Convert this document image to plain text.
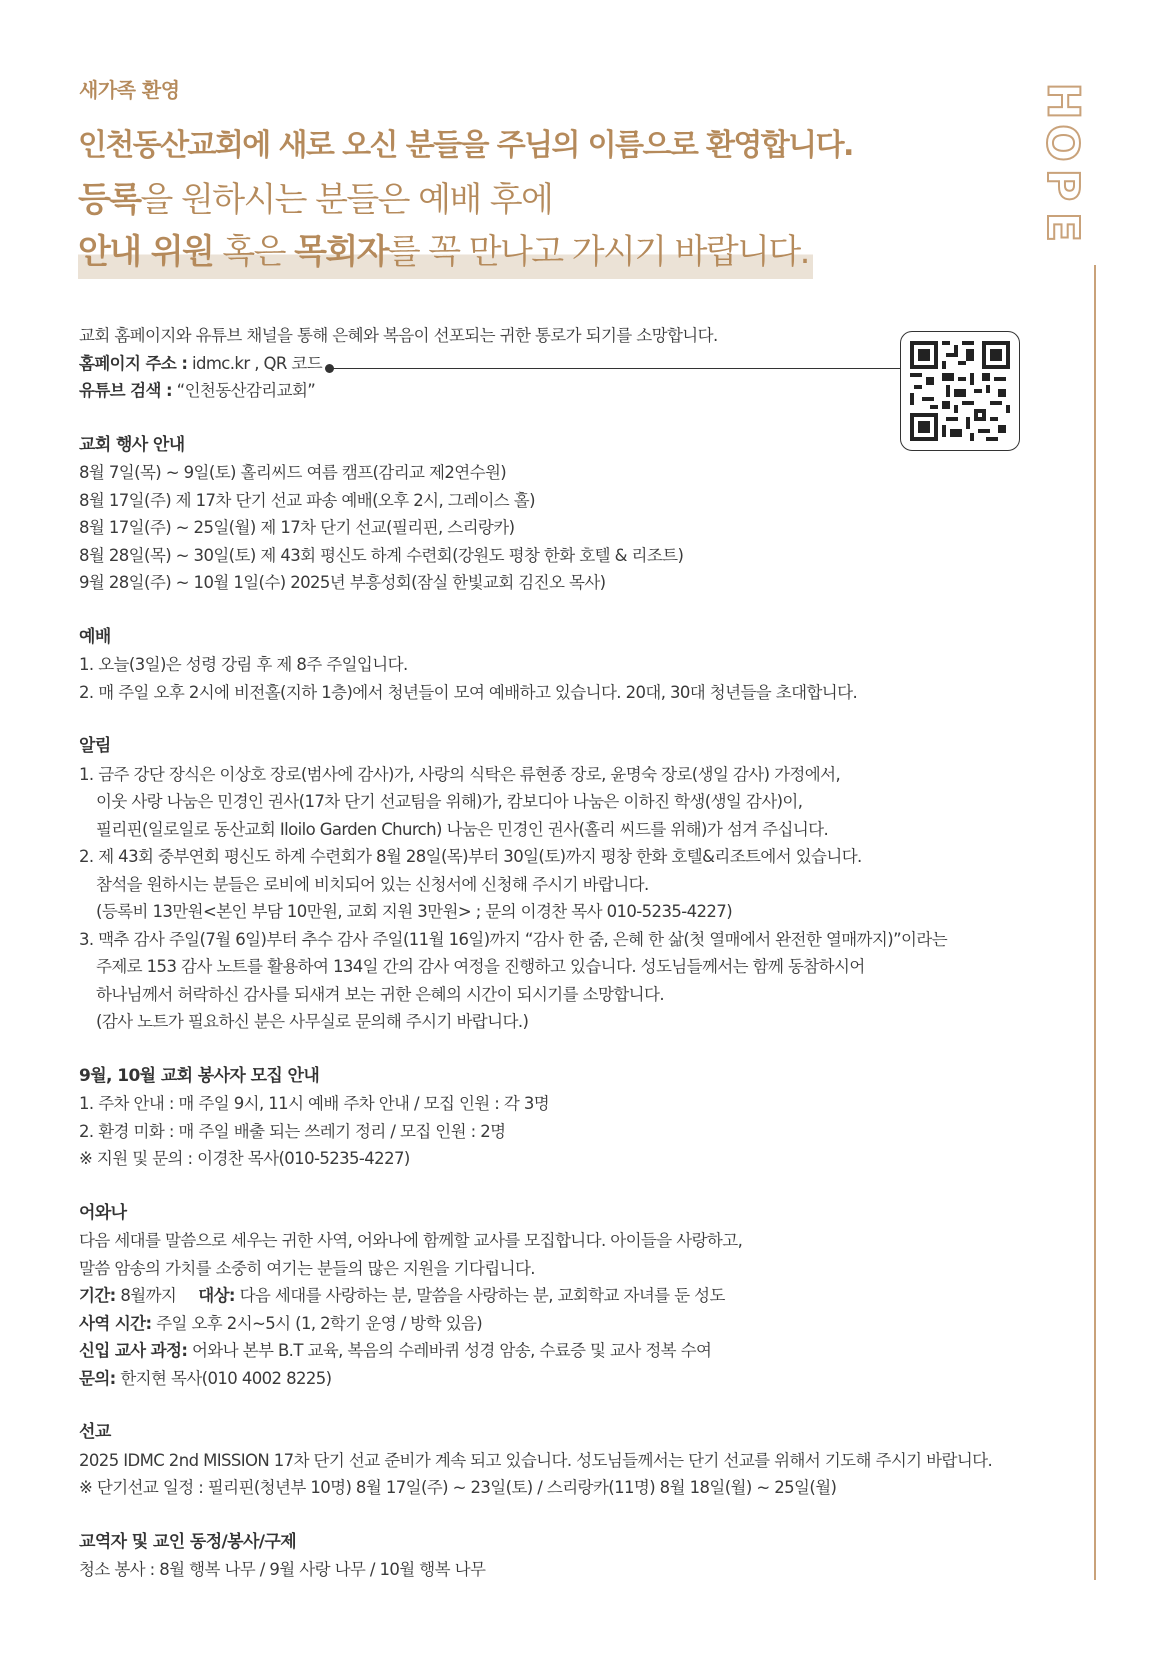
새가족 환영
인천동산교회에 새로 오신 분들을 주님의 이름으로 환영합니다.
등록을 원하시는 분들은 예배 후에
안내 위원 혹은 목회자를 꼭 만나고 가시기 바랍니다.
H
O
P
E

교회 홈페이지와 유튜브 채널을 통해 은혜와 복음이 선포되는 귀한 통로가 되기를 소망합니다.

홈페이지 주소 : idmc.kr , QR 코드

유튜브 검색 : “인천동산감리교회”

교회 행사 안내

8월 7일(목) ~ 9일(토) 홀리씨드 여름 캠프(감리교 제2연수원)

8월 17일(주) 제 17차 단기 선교 파송 예배(오후 2시, 그레이스 홀)

8월 17일(주) ~ 25일(월) 제 17차 단기 선교(필리핀, 스리랑카)

8월 28일(목) ~ 30일(토) 제 43회 평신도 하계 수련회(강원도 평창 한화 호텔 & 리조트)

9월 28일(주) ~ 10월 1일(수) 2025년 부흥성회(잠실 한빛교회 김진오 목사)

예배

1. 오늘(3일)은 성령 강림 후 제 8주 주일입니다.

2. 매 주일 오후 2시에 비전홀(지하 1층)에서 청년들이 모여 예배하고 있습니다. 20대, 30대 청년들을 초대합니다.

알림

1. 금주 강단 장식은 이상호 장로(범사에 감사)가, 사랑의 식탁은 류현종 장로, 윤명숙 장로(생일 감사) 가정에서,

이웃 사랑 나눔은 민경인 권사(17차 단기 선교팀을 위해)가, 캄보디아 나눔은 이하진 학생(생일 감사)이,

필리핀(일로일로 동산교회 Iloilo Garden Church) 나눔은 민경인 권사(홀리 씨드를 위해)가 섬겨 주십니다.

2. 제 43회 중부연회 평신도 하계 수련회가 8월 28일(목)부터 30일(토)까지 평창 한화 호텔&리조트에서 있습니다.

참석을 원하시는 분들은 로비에 비치되어 있는 신청서에 신청해 주시기 바랍니다.

(등록비 13만원<본인 부담 10만원, 교회 지원 3만원> ; 문의 이경찬 목사 010-5235-4227)

3. 맥추 감사 주일(7월 6일)부터 추수 감사 주일(11월 16일)까지 “감사 한 줌, 은혜 한 삶(첫 열매에서 완전한 열매까지)”이라는

주제로 153 감사 노트를 활용하여 134일 간의 감사 여정을 진행하고 있습니다. 성도님들께서는 함께 동참하시어

하나님께서 허락하신 감사를 되새겨 보는 귀한 은혜의 시간이 되시기를 소망합니다.

(감사 노트가 필요하신 분은 사무실로 문의해 주시기 바랍니다.)

9월, 10월 교회 봉사자 모집 안내

1. 주차 안내 : 매 주일 9시, 11시 예배 주차 안내 / 모집 인원 : 각 3명

2. 환경 미화 : 매 주일 배출 되는 쓰레기 정리 / 모집 인원 : 2명

※ 지원 및 문의 : 이경찬 목사(010-5235-4227)

어와나

다음 세대를 말씀으로 세우는 귀한 사역, 어와나에 함께할 교사를 모집합니다. 아이들을 사랑하고,

말씀 암송의 가치를 소중히 여기는 분들의 많은 지원을 기다립니다.

기간: 8월까지 대상: 다음 세대를 사랑하는 분, 말씀을 사랑하는 분, 교회학교 자녀를 둔 성도

사역 시간: 주일 오후 2시~5시 (1, 2학기 운영 / 방학 있음)

신입 교사 과정: 어와나 본부 B.T 교육, 복음의 수레바퀴 성경 암송, 수료증 및 교사 정복 수여

문의: 한지현 목사(010 4002 8225)

선교

2025 IDMC 2nd MISSION 17차 단기 선교 준비가 계속 되고 있습니다. 성도님들께서는 단기 선교를 위해서 기도해 주시기 바랍니다.

※ 단기선교 일정 : 필리핀(청년부 10명) 8월 17일(주) ~ 23일(토) / 스리랑카(11명) 8월 18일(월) ~ 25일(월)

교역자 및 교인 동정/봉사/구제

청소 봉사 : 8월 행복 나무 / 9월 사랑 나무 / 10월 행복 나무
